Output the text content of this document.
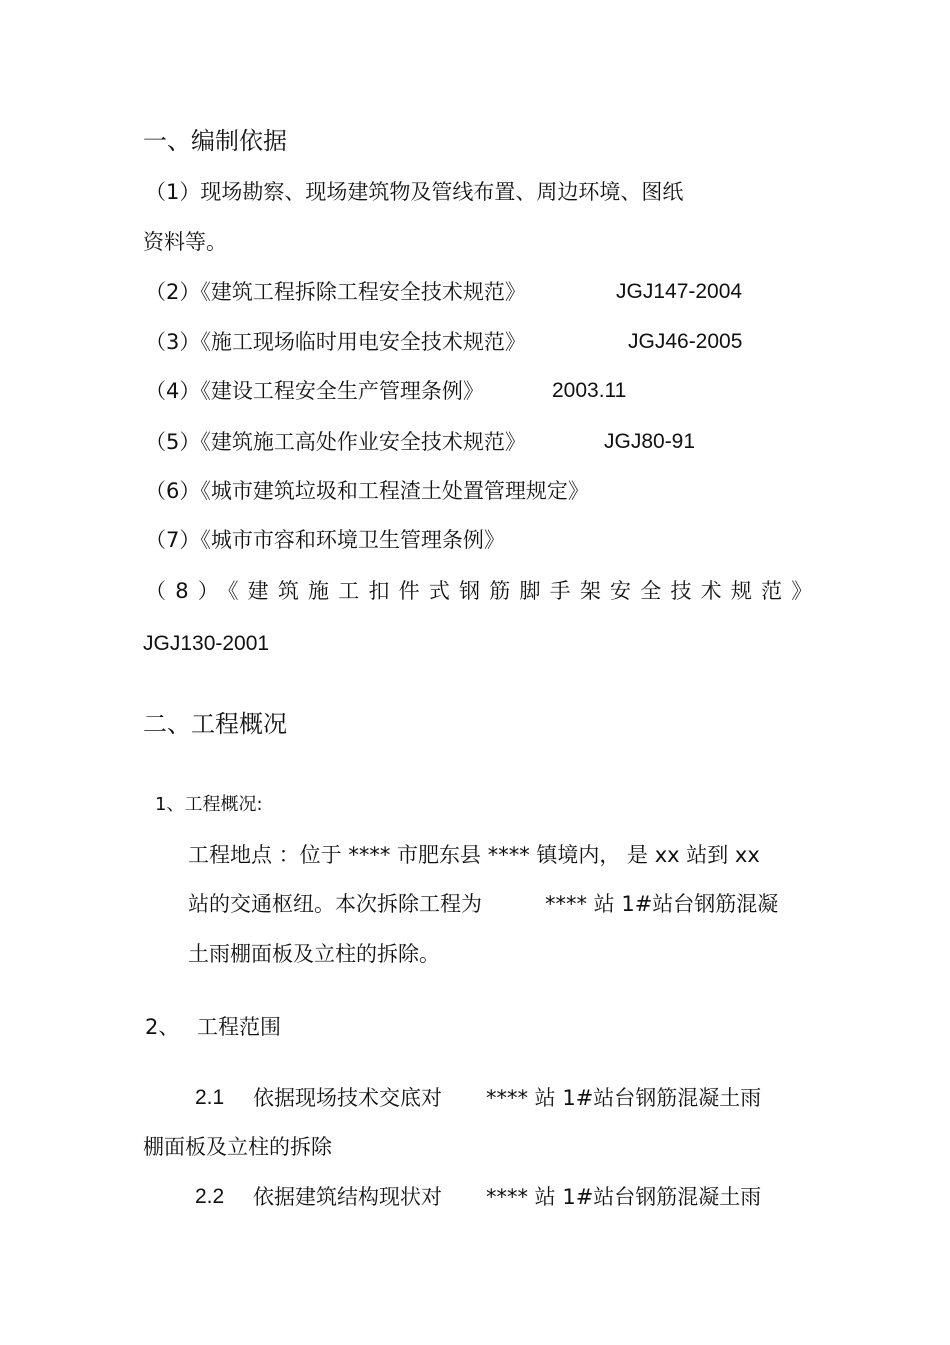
一、编制依据
（1）现场勘察、现场建筑物及管线布置、周边环境、图纸
资料等。
（2）《建筑工程拆除工程安全技术规范》	JGJ147-2004
（3）《施工现场临时用电安全技术规范》	JGJ46-2005
（4）《建设工程安全生产管理条例》	2003.11
（5）《建筑施工高处作业安全技术规范》	JGJ80-91
（6）《城市建筑垃圾和工程渣土处置管理规定》
（7）《城市市容和环境卫生管理条例》
（8）《建筑施工扣件式钢筋脚手架安全技术规范》
JGJ130-2001
二、工程概况
1、工程概况:
工程地点 ：位于 **** 市肥东县 **** 镇境内， 是 xx 站到 xx
站的交通枢纽。本次拆除工程为	**** 站 1#站台钢筋混凝
土雨棚面板及立柱的拆除。
2、 工程范围
2.1 依据现场技术交底对 **** 站 1#站台钢筋混凝土雨
棚面板及立柱的拆除
2.2 依据建筑结构现状对 **** 站 1#站台钢筋混凝土雨
